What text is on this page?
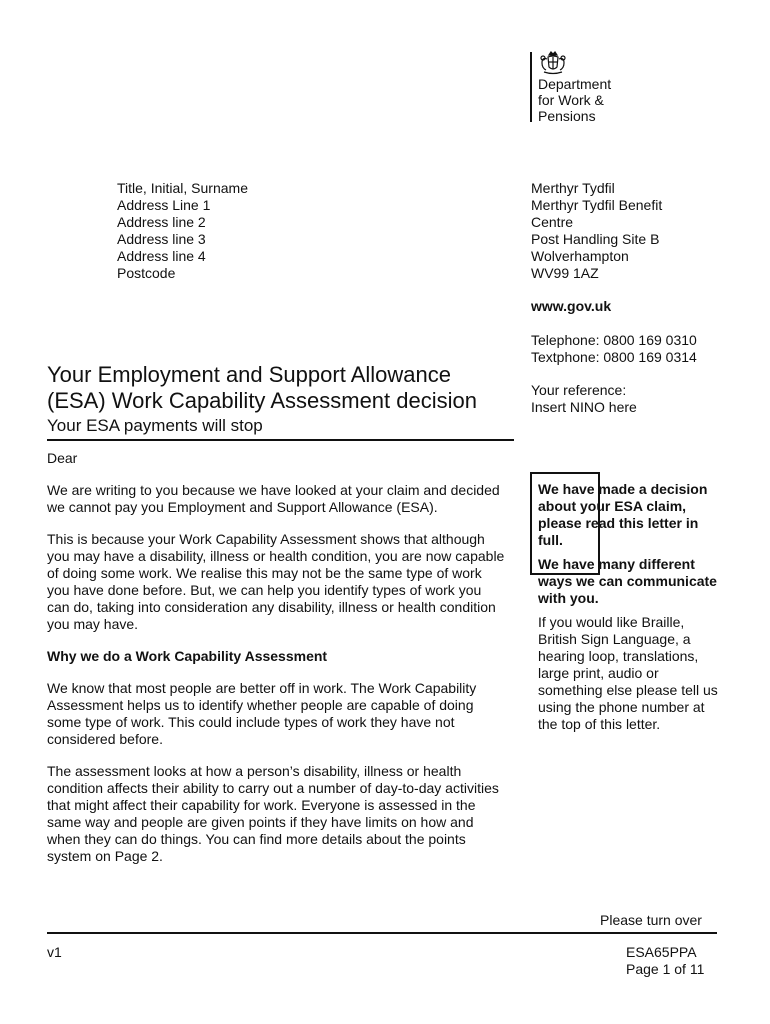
Department
for Work &
Pensions
Title, Initial, Surname
Address Line 1
Address line 2
Address line 3
Address line 4
Postcode
Merthyr Tydfil
Merthyr Tydfil Benefit
Centre
Post Handling Site B
Wolverhampton
WV99 1AZ
www.gov.uk
Telephone: 0800 169 0310
Textphone: 0800 169 0314
Your reference:
Insert NINO here
Your Employment and Support Allowance
(ESA) Work Capability Assessment decision
Your ESA payments will stop

Dear

We are writing to you because we have looked at your claim and decided we cannot pay you Employment and Support Allowance (ESA).

This is because your Work Capability Assessment shows that although you may have a disability, illness or health condition, you are now capable of doing some work. We realise this may not be the same type of work you have done before. But, we can help you identify types of work you can do, taking into consideration any disability, illness or health condition you may have.

Why we do a Work Capability Assessment

We know that most people are better off in work. The Work Capability Assessment helps us to identify whether people are capable of doing some type of work. This could include types of work they have not considered before.

The assessment looks at how a person’s disability, illness or health condition affects their ability to carry out a number of day-to-day activities that might affect their capability for work. Everyone is assessed in the same way and people are given points if they have limits on how and when they can do things. You can find more details about the points system on Page 2.

We have made a decision about your ESA claim, please read this letter in full.

We have many different ways we can communicate with you.

If you would like Braille, British Sign Language, a hearing loop, translations, large print, audio or something else please tell us using the phone number at the top of this letter.

Please turn over
v1	ESA65PPA
Page 1 of 11
